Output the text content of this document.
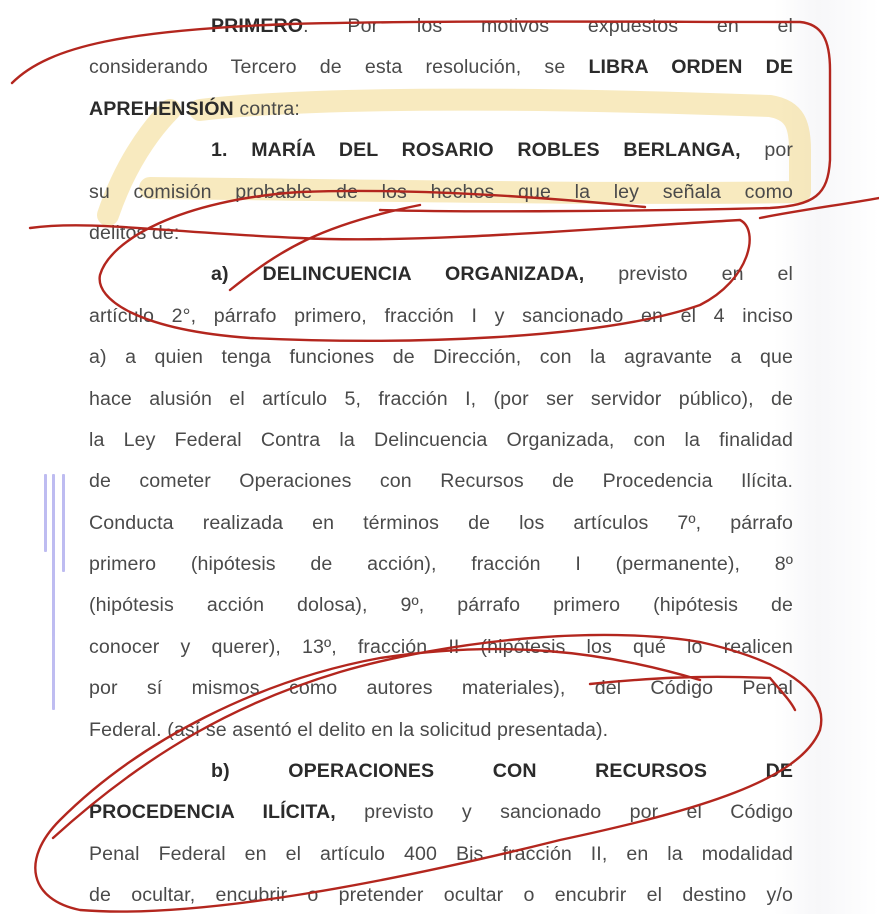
PRIMERO. Por los motivos expuestos en el
considerando Tercero de esta resolución, se LIBRA ORDEN DE
APREHENSIÓN contra:
1. MARÍA DEL ROSARIO ROBLES BERLANGA, por
su comisión probable de los hechos que la ley señala como
delitos de:
a) DELINCUENCIA ORGANIZADA, previsto en el
artículo 2°, párrafo primero, fracción I y sancionado en el 4 inciso
a) a quien tenga funciones de Dirección, con la agravante a que
hace alusión el artículo 5, fracción I, (por ser servidor público), de
la Ley Federal Contra la Delincuencia Organizada, con la finalidad
de cometer Operaciones con Recursos de Procedencia Ilícita.
Conducta realizada en términos de los artículos 7º, párrafo
primero (hipótesis de acción), fracción I (permanente), 8º
(hipótesis acción dolosa), 9º, párrafo primero (hipótesis de
conocer y querer), 13º, fracción II (hipótesis los qué lo realicen
por sí mismos como autores materiales), del Código Penal
Federal. (así se asentó el delito en la solicitud presentada).
b) OPERACIONES CON RECURSOS DE
PROCEDENCIA ILÍCITA, previsto y sancionado por el Código
Penal Federal en el artículo 400 Bis fracción II, en la modalidad
de ocultar, encubrir o pretender ocultar o encubrir el destino y/o
